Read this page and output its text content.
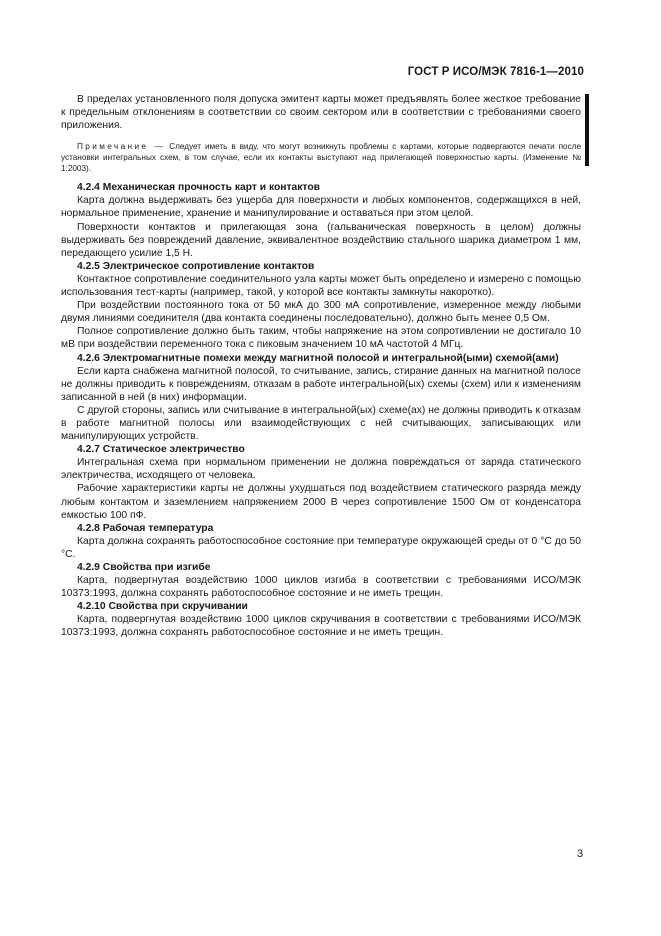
ГОСТ Р ИСО/МЭК 7816-1—2010

В пределах установленного поля допуска эмитент карты может предъявлять более жесткое требование к предельным отклонениям в соответствии со своим сектором или в соответствии с требованиями своего приложения.

Примечание — Следует иметь в виду, что могут возникнуть проблемы с картами, которые подвергаются печати после установки интегральных схем, в том случае, если их контакты выступают над прилегающей поверхностью карты. (Изменение № 1:2003).

4.2.4 Механическая прочность карт и контактов

Карта должна выдерживать без ущерба для поверхности и любых компонентов, содержащихся в ней, нормальное применение, хранение и манипулирование и оставаться при этом целой.

Поверхности контактов и прилегающая зона (гальваническая поверхность в целом) должны выдерживать без повреждений давление, эквивалентное воздействию стального шарика диаметром 1 мм, передающего усилие 1,5 Н.

4.2.5 Электрическое сопротивление контактов

Контактное сопротивление соединительного узла карты может быть определено и измерено с помощью использования тест-карты (например, такой, у которой все контакты замкнуты накоротко).

При воздействии постоянного тока от 50 мкА до 300 мА сопротивление, измеренное между любыми двумя линиями соединителя (два контакта соединены последовательно), должно быть менее 0,5 Ом.

Полное сопротивление должно быть таким, чтобы напряжение на этом сопротивлении не достигало 10 мВ при воздействии переменного тока с пиковым значением 10 мА частотой 4 МГц.

4.2.6 Электромагнитные помехи между магнитной полосой и интегральной(ыми) схемой(ами)

Если карта снабжена магнитной полосой, то считывание, запись, стирание данных на магнитной полосе не должны приводить к повреждениям, отказам в работе интегральной(ых) схемы (схем) или к изменениям записанной в ней (в них) информации.

С другой стороны, запись или считывание в интегральной(ых) схеме(ах) не должны приводить к отказам в работе магнитной полосы или взаимодействующих с ней считывающих, записывающих или манипулирующих устройств.

4.2.7 Статическое электричество

Интегральная схема при нормальном применении не должна повреждаться от заряда статического электричества, исходящего от человека.

Рабочие характеристики карты не должны ухудшаться под воздействием статического разряда между любым контактом и заземлением напряжением 2000 В через сопротивление 1500 Ом от конденсатора емкостью 100 пФ.

4.2.8 Рабочая температура

Карта должна сохранять работоспособное состояние при температуре окружающей среды от 0 °С до 50 °С.

4.2.9 Свойства при изгибе

Карта, подвергнутая воздействию 1000 циклов изгиба в соответствии с требованиями ИСО/МЭК 10373:1993, должна сохранять работоспособное состояние и не иметь трещин.

4.2.10 Свойства при скручивании

Карта, подвергнутая воздействию 1000 циклов скручивания в соответствии с требованиями ИСО/МЭК 10373:1993, должна сохранять работоспособное состояние и не иметь трещин.

3
